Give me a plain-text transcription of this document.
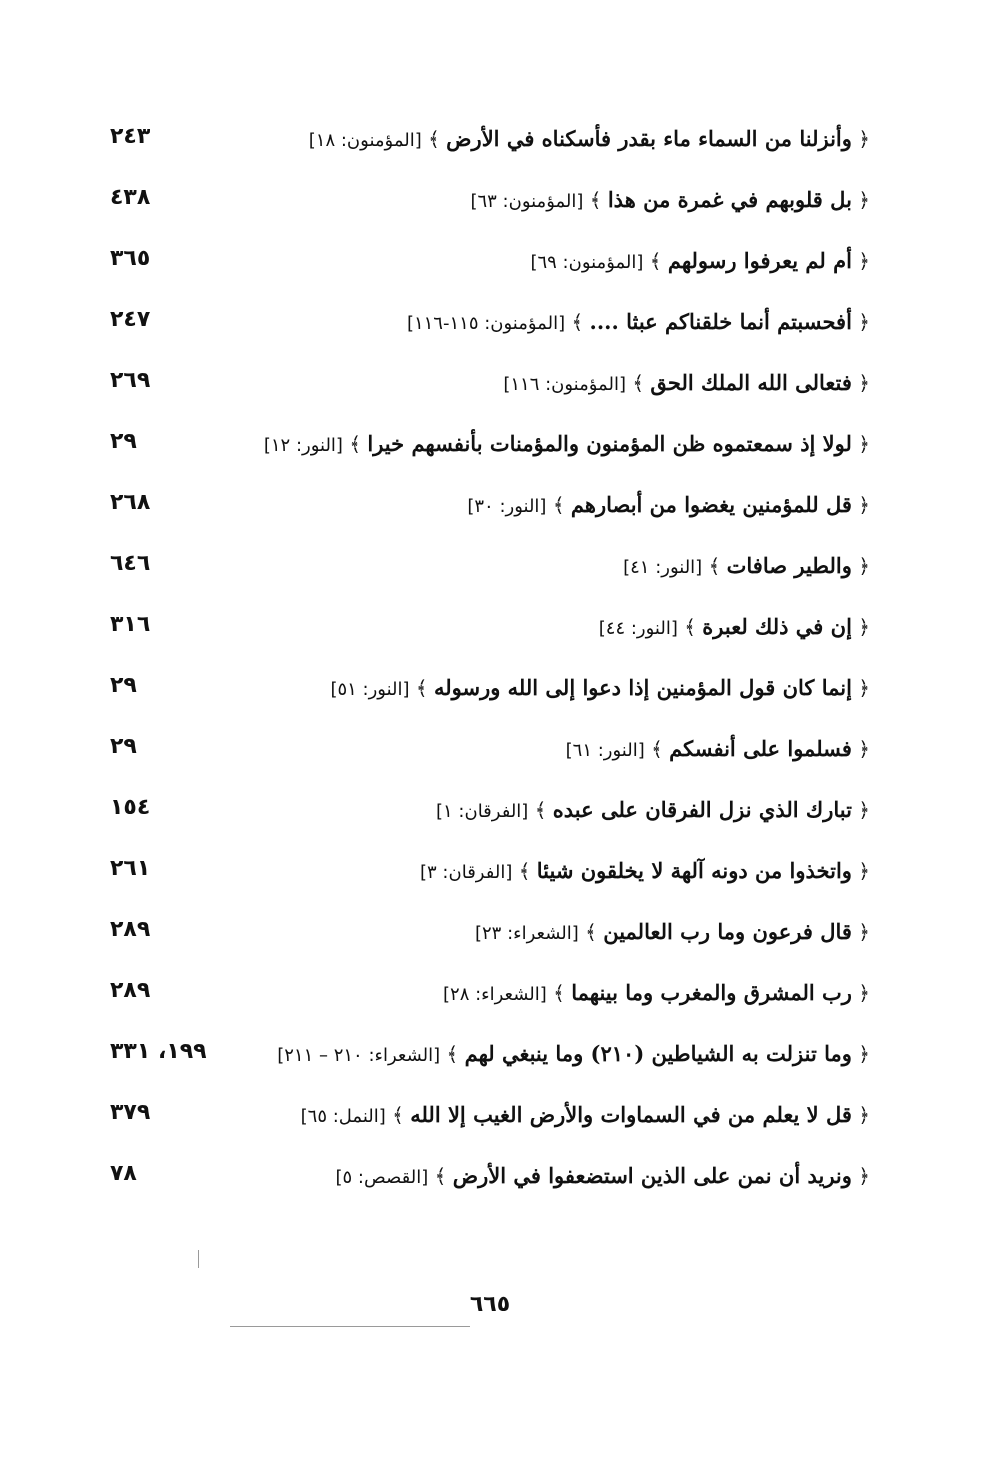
٢٤٣	﴿ وأنزلنا من السماء ماء بقدر فأسكناه في الأرض ﴾ [المؤمنون: ١٨]
٤٣٨	﴿ بل قلوبهم في غمرة من هذا ﴾ [المؤمنون: ٦٣]
٣٦٥	﴿ أم لم يعرفوا رسولهم ﴾ [المؤمنون: ٦٩]
٢٤٧	﴿ أفحسبتم أنما خلقناكم عبثا .... ﴾ [المؤمنون: ١١٥-١١٦]
٢٦٩	﴿ فتعالى الله الملك الحق ﴾ [المؤمنون: ١١٦]
٢٩	﴿ لولا إذ سمعتموه ظن المؤمنون والمؤمنات بأنفسهم خيرا ﴾ [النور: ١٢]
٢٦٨	﴿ قل للمؤمنين يغضوا من أبصارهم ﴾ [النور: ٣٠]
٦٤٦	﴿ والطير صافات ﴾ [النور: ٤١]
٣١٦	﴿ إن في ذلك لعبرة ﴾ [النور: ٤٤]
٢٩	﴿ إنما كان قول المؤمنين إذا دعوا إلى الله ورسوله ﴾ [النور: ٥١]
٢٩	﴿ فسلموا على أنفسكم ﴾ [النور: ٦١]
١٥٤	﴿ تبارك الذي نزل الفرقان على عبده ﴾ [الفرقان: ١]
٢٦١	﴿ واتخذوا من دونه آلهة لا يخلقون شيئا ﴾ [الفرقان: ٣]
٢٨٩	﴿ قال فرعون وما رب العالمين ﴾ [الشعراء: ٢٣]
٢٨٩	﴿ رب المشرق والمغرب وما بينهما ﴾ [الشعراء: ٢٨]
١٩٩، ٣٣١	﴿ وما تنزلت به الشياطين (٢١٠) وما ينبغي لهم ﴾ [الشعراء: ٢١٠ – ٢١١]
٣٧٩	﴿ قل لا يعلم من في السماوات والأرض الغيب إلا الله ﴾ [النمل: ٦٥]
٧٨	﴿ ونريد أن نمن على الذين استضعفوا في الأرض ﴾ [القصص: ٥]
٦٦٥
